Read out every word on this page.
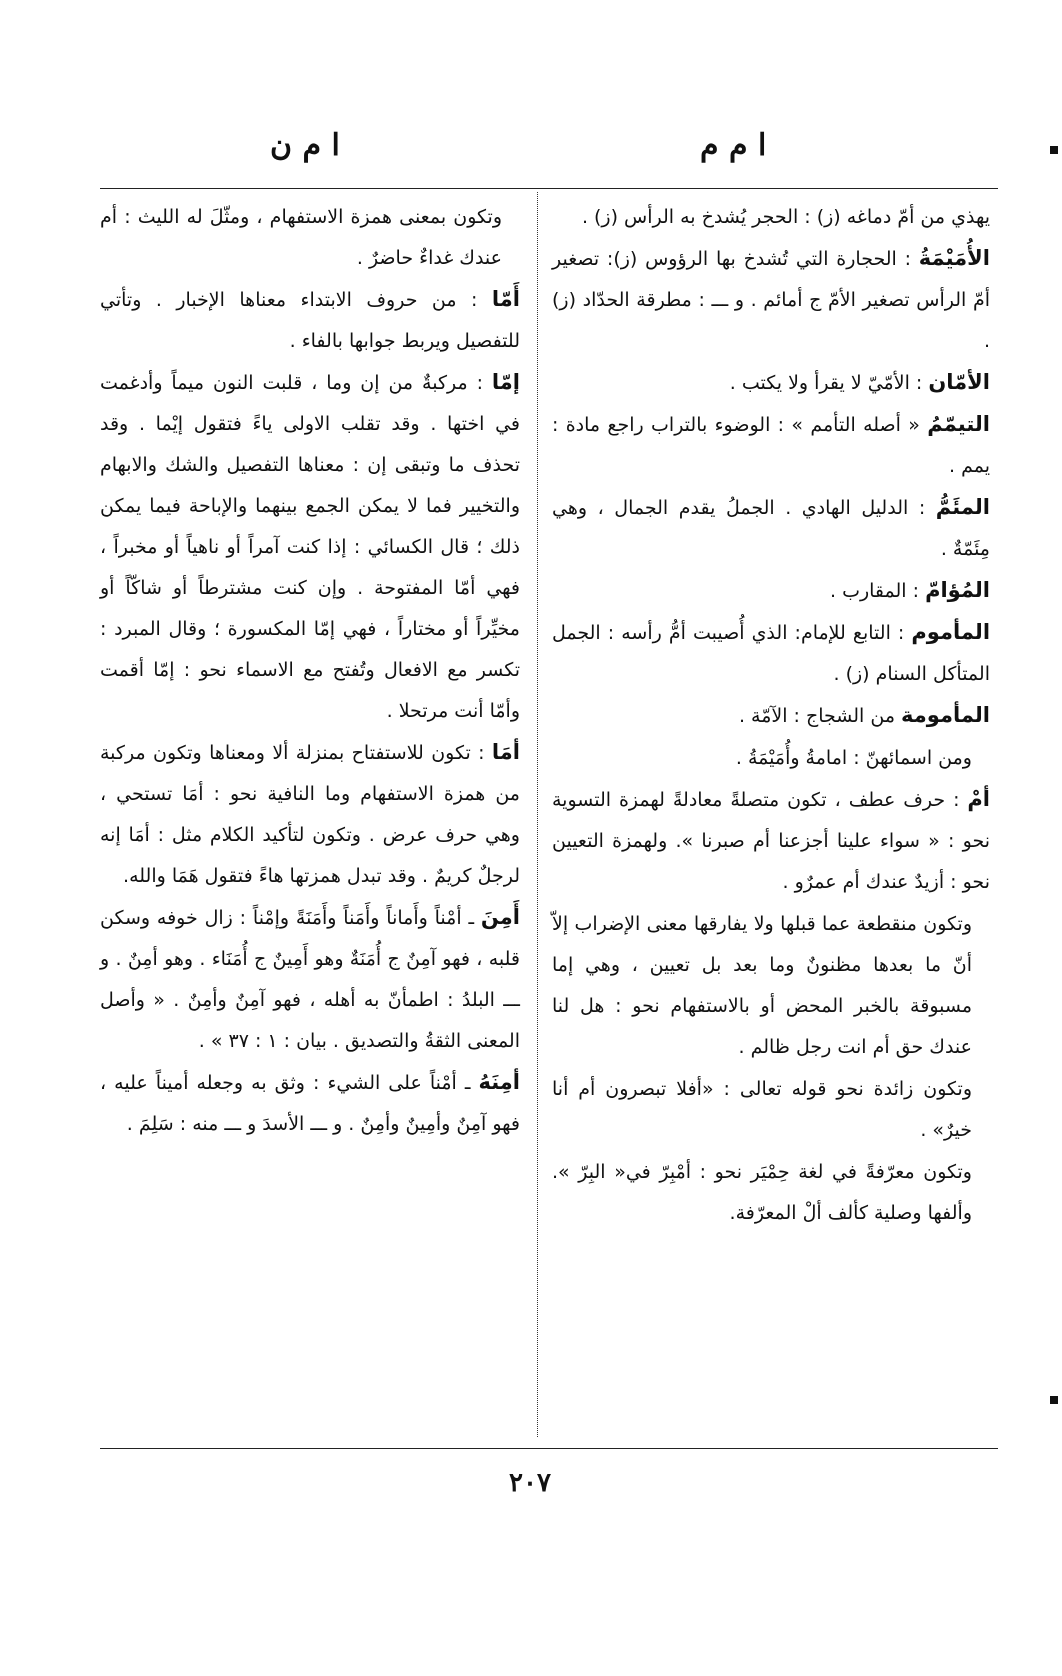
ا م م
ا م ن

يهذي من أمّ دماغه (ز) : الحجر يُشدخ به الرأس (ز) .

الأُمَيْمَةُ : الحجارة التي تُشدخ بها الرؤوس (ز): تصغير أمّ الرأس تصغير الأمّ ج أمائم . و ـــ : مطرقة الحدّاد (ز) .

الأمّان : الأمّيّ لا يقرأ ولا يكتب .

التيمّمُ « أصله التأمم » : الوضوء بالتراب راجع مادة : يمم .

المئَمُّ : الدليل الهادي . الجملُ يقدم الجمال ، وهي مِئَمّةٌ .

المُؤامّ : المقارب .

المأموم : التابع للإمام: الذي أُصيبت أمُّ رأسه : الجمل المتأكل السنام (ز) .

المأمومة من الشجاج : الآمّة .

ومن اسمائهنّ : امامةُ وأُمَيْمَةُ .

أمْ : حرف عطف ، تكون متصلةً معادلةً لهمزة التسوية نحو : « سواء علينا أجزعنا أم صبرنا ». ولهمزة التعيين نحو : أزيدٌ عندك أم عمرٌو .

وتكون منقطعة عما قبلها ولا يفارقها معنى الإضراب إلاّ أنّ ما بعدها مظنونٌ وما بعد بل تعيين ، وهي إما مسبوقة بالخبر المحض أو بالاستفهام نحو : هل لنا عندك حق أم انت رجل ظالم .

وتكون زائدة نحو قوله تعالى : «أفلا تبصرون أم أنا خيرٌ» .

وتكون معرّفةً في لغة حِمْيَر نحو : أمْبِرّ في« البِرّ ». وألفها وصلية كألف ألْ المعرّفة.

وتكون بمعنى همزة الاستفهام ، ومثّلَ له الليث : أم عندك غداءٌ حاضرٌ .

أَمّا : من حروف الابتداء معناها الإخبار . وتأتي للتفصيل ويربط جوابها بالفاء .

إمّا : مركبةٌ من إن وما ، قلبت النون ميماً وأدغمت في اختها . وقد تقلب الاولى ياءً فتقول إيْما . وقد تحذف ما وتبقى إن : معناها التفصيل والشك والابهام والتخيير فما لا يمكن الجمع بينهما والإباحة فيما يمكن ذلك ؛ قال الكسائي : إذا كنت آمراً أو ناهياً أو مخبراً ، فهي أمّا المفتوحة . وإن كنت مشترطاً أو شاكّاً أو مخيِّراً أو مختاراً ، فهي إمّا المكسورة ؛ وقال المبرد : تكسر مع الافعال وتُفتح مع الاسماء نحو : إمّا أقمت وأمّا أنت مرتحلا .

أمَا : تكون للاستفتاح بمنزلة ألا ومعناها وتكون مركبة من همزة الاستفهام وما النافية نحو : أمَا تستحي ، وهي حرف عرض . وتكون لتأكيد الكلام مثل : أمَا إنه لرجلٌ كريمٌ . وقد تبدل همزتها هاءً فتقول هَمَا والله.

أَمِنَ ـ أمْناً وأَماناً وأَمَناً وأَمَنَةً وإمْناً : زال خوفه وسكن قلبه ، فهو آمِنٌ ج أُمَنَةٌ وهو أَمِينٌ ج أُمَنَاء . وهو أمِنٌ . و ـــ البلدُ : اطمأنّ به أهله ، فهو آمِنٌ وأمِنٌ . « وأصل المعنى الثقةُ والتصديق . بيان : ١ : ٣٧ » .

أمِنَهُ ـ أمْناً على الشيء : وثق به وجعله أميناً عليه ، فهو آمِنٌ وأمِينٌ وأمِنٌ . و ـــ الأسدَ و ـــ منه : سَلِمَ .

٢٠٧
